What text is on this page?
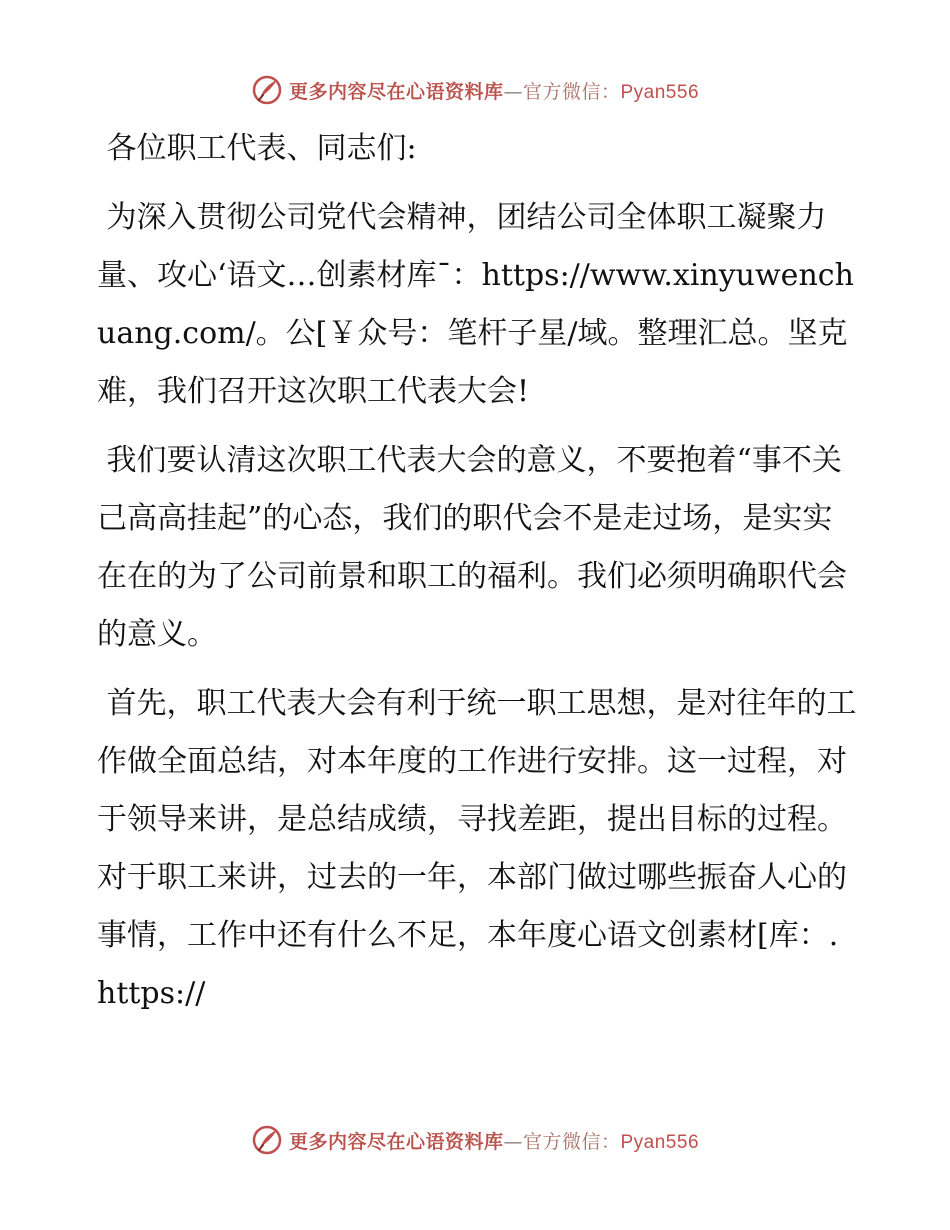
更多内容尽在心语资料库—官方微信：Pyan556

各位职工代表、同志们:

为深入贯彻公司党代会精神，团结公司全体职工凝聚力量、攻心‘语文…创素材库¯：https://www.xinyuwenchuang.com/。公[￥众号：笔杆子星/域。整理汇总。坚克难，我们召开这次职工代表大会!

我们要认清这次职工代表大会的意义，不要抱着“事不关己高高挂起”的心态，我们的职代会不是走过场，是实实在在的为了公司前景和职工的福利。我们必须明确职代会的意义。

首先，职工代表大会有利于统一职工思想，是对往年的工作做全面总结，对本年度的工作进行安排。这一过程，对于领导来讲，是总结成绩，寻找差距，提出目标的过程。对于职工来讲，过去的一年，本部门做过哪些振奋人心的事情，工作中还有什么不足，本年度心语文创素材[库：.https://

更多内容尽在心语资料库—官方微信：Pyan556
